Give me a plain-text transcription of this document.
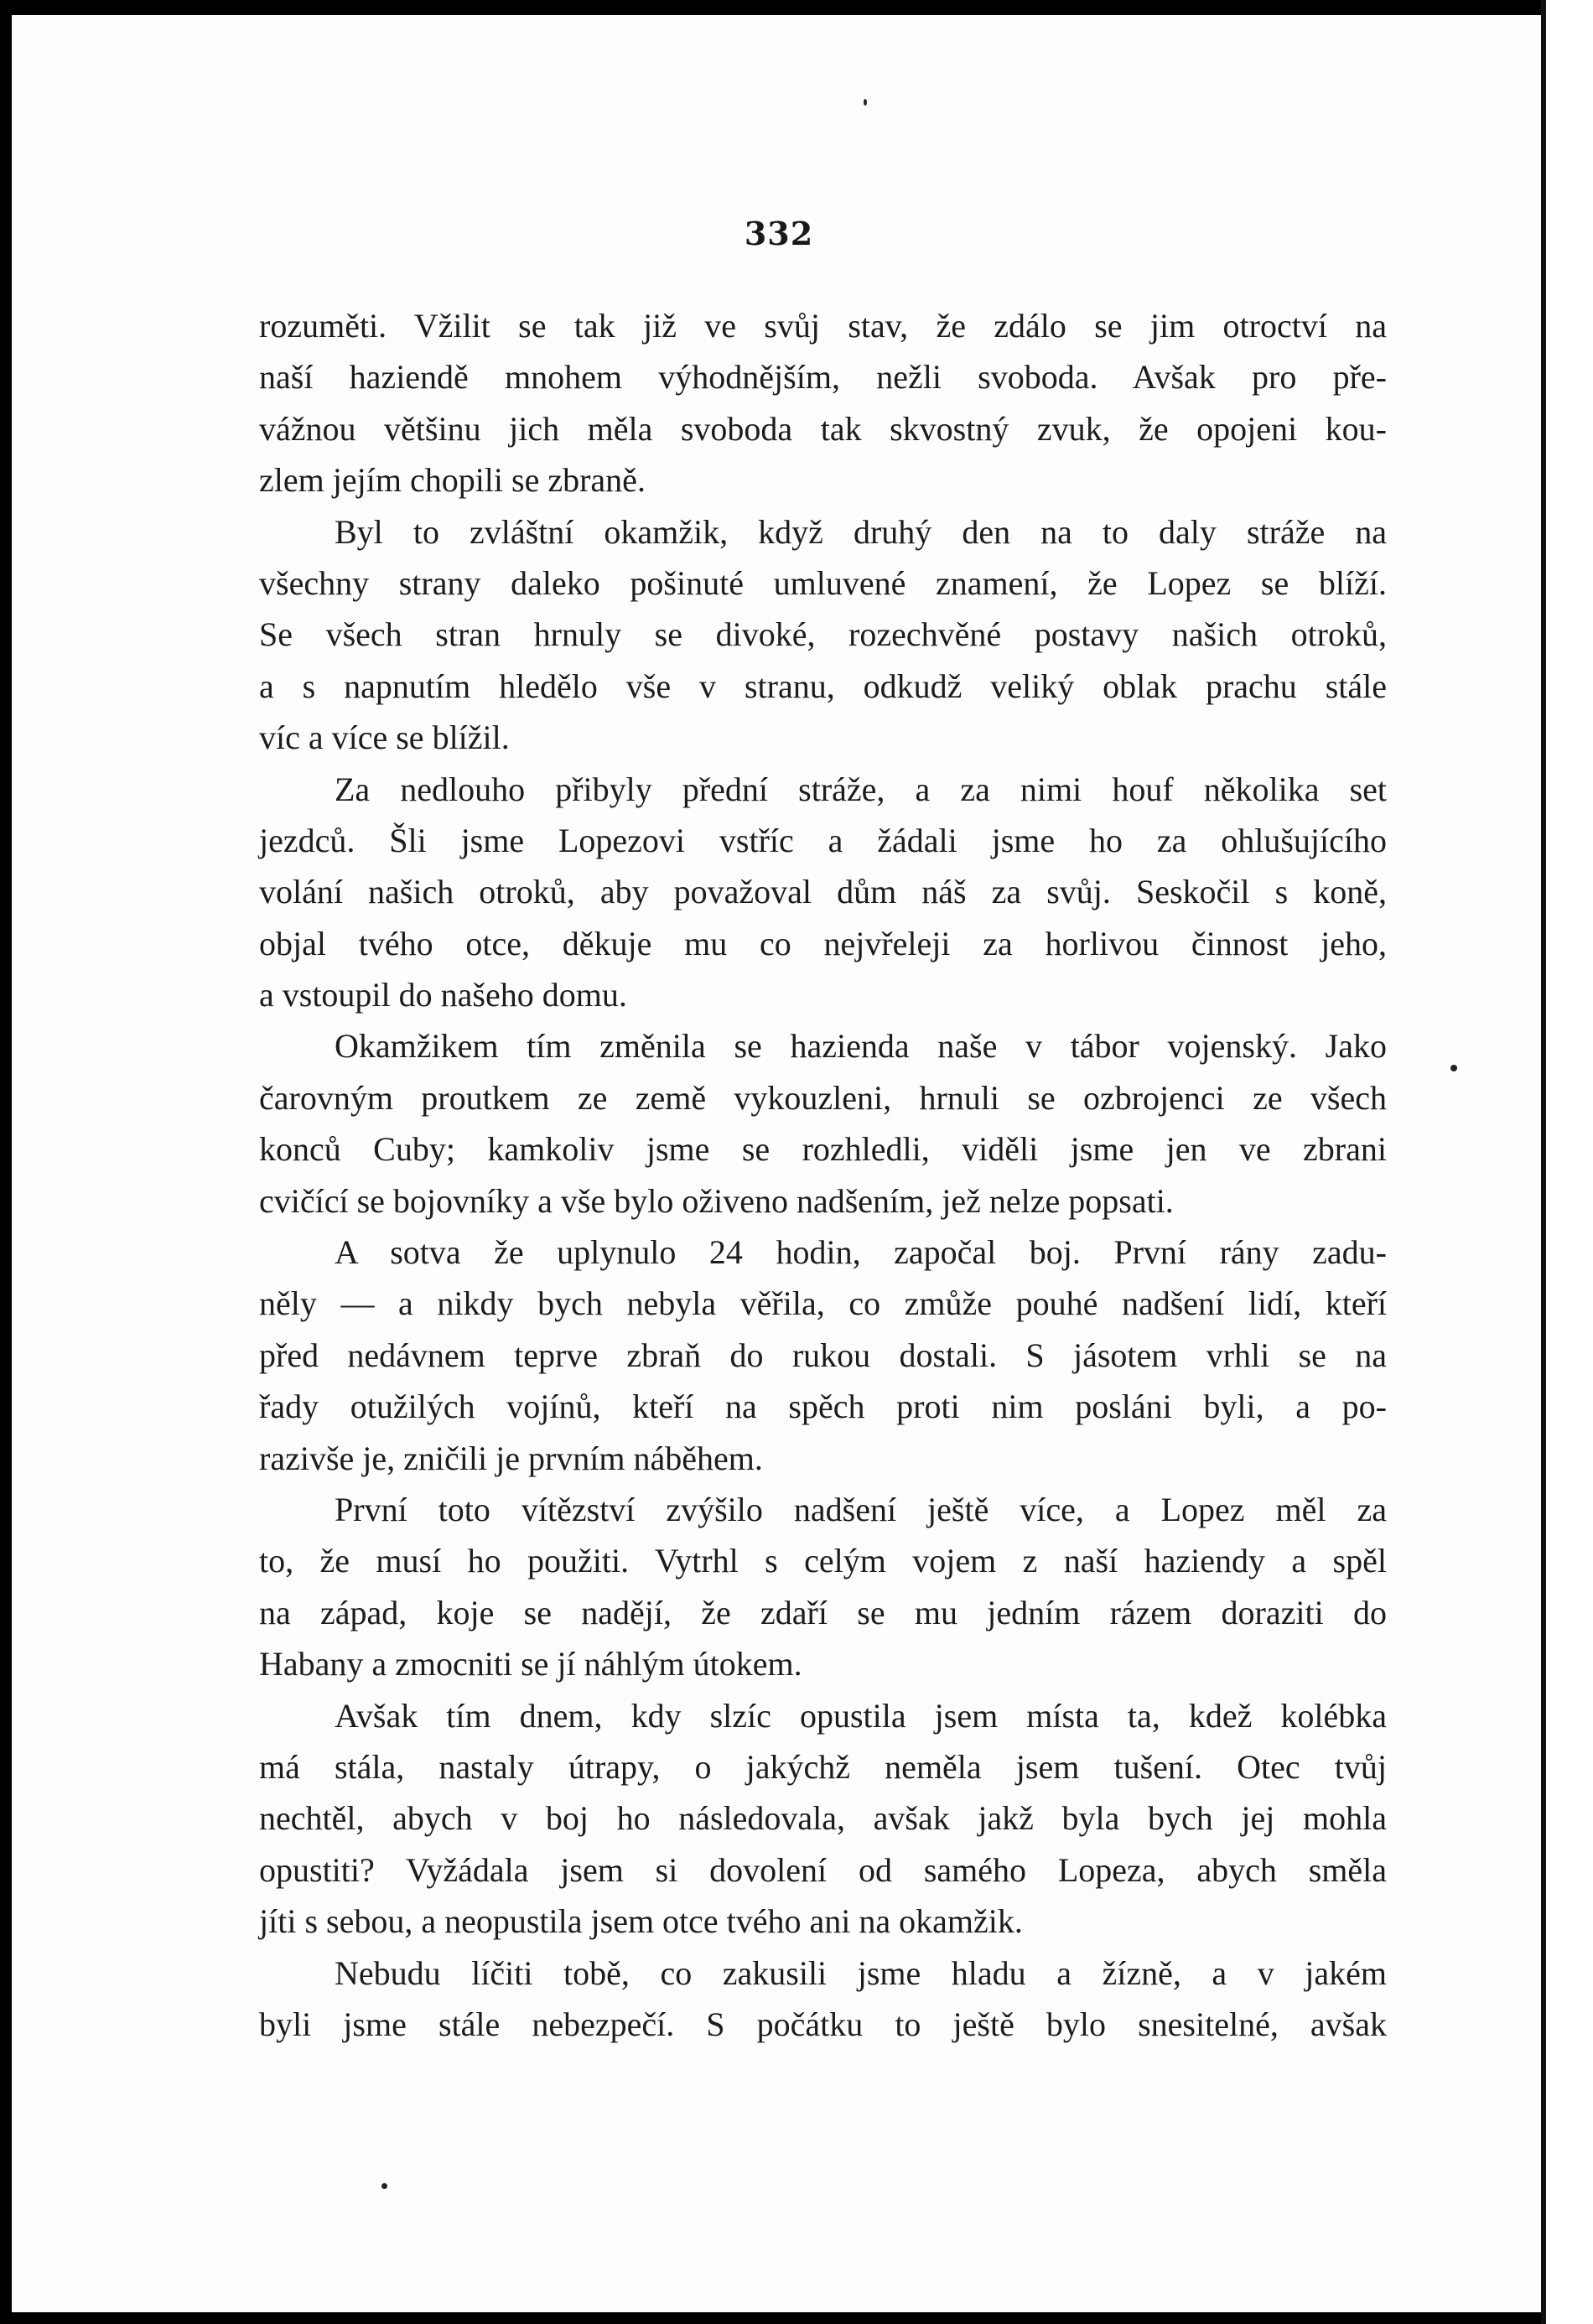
332
rozuměti. Vžilit se tak již ve svůj stav, že zdálo se jim otroctví na
naší haziendě mnohem výhodnějším, nežli svoboda. Avšak pro pře-
vážnou většinu jich měla svoboda tak skvostný zvuk, že opojeni kou-
zlem jejím chopili se zbraně.
Byl to zvláštní okamžik, když druhý den na to daly stráže na
všechny strany daleko pošinuté umluvené znamení, že Lopez se blíží.
Se všech stran hrnuly se divoké, rozechvěné postavy našich otroků,
a s napnutím hledělo vše v stranu, odkudž veliký oblak prachu stále
víc a více se blížil.
Za nedlouho přibyly přední stráže, a za nimi houf několika set
jezdců. Šli jsme Lopezovi vstříc a žádali jsme ho za ohlušujícího
volání našich otroků, aby považoval dům náš za svůj. Seskočil s koně,
objal tvého otce, děkuje mu co nejvřeleji za horlivou činnost jeho,
a vstoupil do našeho domu.
Okamžikem tím změnila se hazienda naše v tábor vojenský. Jako
čarovným proutkem ze země vykouzleni, hrnuli se ozbrojenci ze všech
konců Cuby; kamkoliv jsme se rozhledli, viděli jsme jen ve zbrani
cvičící se bojovníky a vše bylo oživeno nadšením, jež nelze popsati.
A sotva že uplynulo 24 hodin, započal boj. První rány zadu-
něly — a nikdy bych nebyla věřila, co zmůže pouhé nadšení lidí, kteří
před nedávnem teprve zbraň do rukou dostali. S jásotem vrhli se na
řady otužilých vojínů, kteří na spěch proti nim posláni byli, a po-
razivše je, zničili je prvním náběhem.
První toto vítězství zvýšilo nadšení ještě více, a Lopez měl za
to, že musí ho použiti. Vytrhl s celým vojem z naší haziendy a spěl
na západ, koje se nadějí, že zdaří se mu jedním rázem doraziti do
Habany a zmocniti se jí náhlým útokem.
Avšak tím dnem, kdy slzíc opustila jsem místa ta, kdež kolébka
má stála, nastaly útrapy, o jakýchž neměla jsem tušení. Otec tvůj
nechtěl, abych v boj ho následovala, avšak jakž byla bych jej mohla
opustiti? Vyžádala jsem si dovolení od samého Lopeza, abych směla
jíti s sebou, a neopustila jsem otce tvého ani na okamžik.
Nebudu líčiti tobě, co zakusili jsme hladu a žízně, a v jakém
byli jsme stále nebezpečí. S počátku to ještě bylo snesitelné, avšak
